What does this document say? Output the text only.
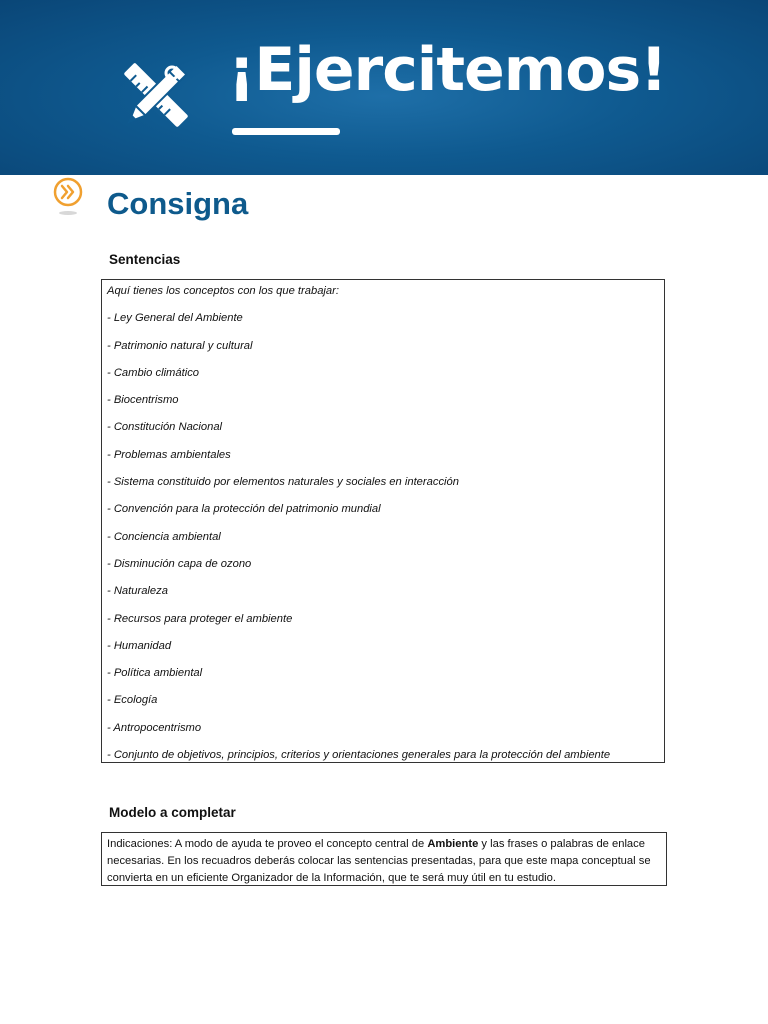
¡Ejercitemos!
Consigna
Sentencias
Aquí tienes los conceptos con los que trabajar:
- Ley General del Ambiente
- Patrimonio natural y cultural
- Cambio climático
- Biocentrismo
- Constitución Nacional
- Problemas ambientales
- Sistema constituido por elementos naturales y sociales en interacción
- Convención para la protección del patrimonio mundial
- Conciencia ambiental
- Disminución capa de ozono
- Naturaleza
- Recursos para proteger el ambiente
- Humanidad
- Política ambiental
- Ecología
- Antropocentrismo
- Conjunto de objetivos, principios, criterios y orientaciones generales para la protección del ambiente
Modelo a completar
Indicaciones: A modo de ayuda te proveo el concepto central de Ambiente y las frases o palabras de enlace necesarias. En los recuadros deberás colocar las sentencias presentadas, para que este mapa conceptual se convierta en un eficiente Organizador de la Información, que te será muy útil en tu estudio.
